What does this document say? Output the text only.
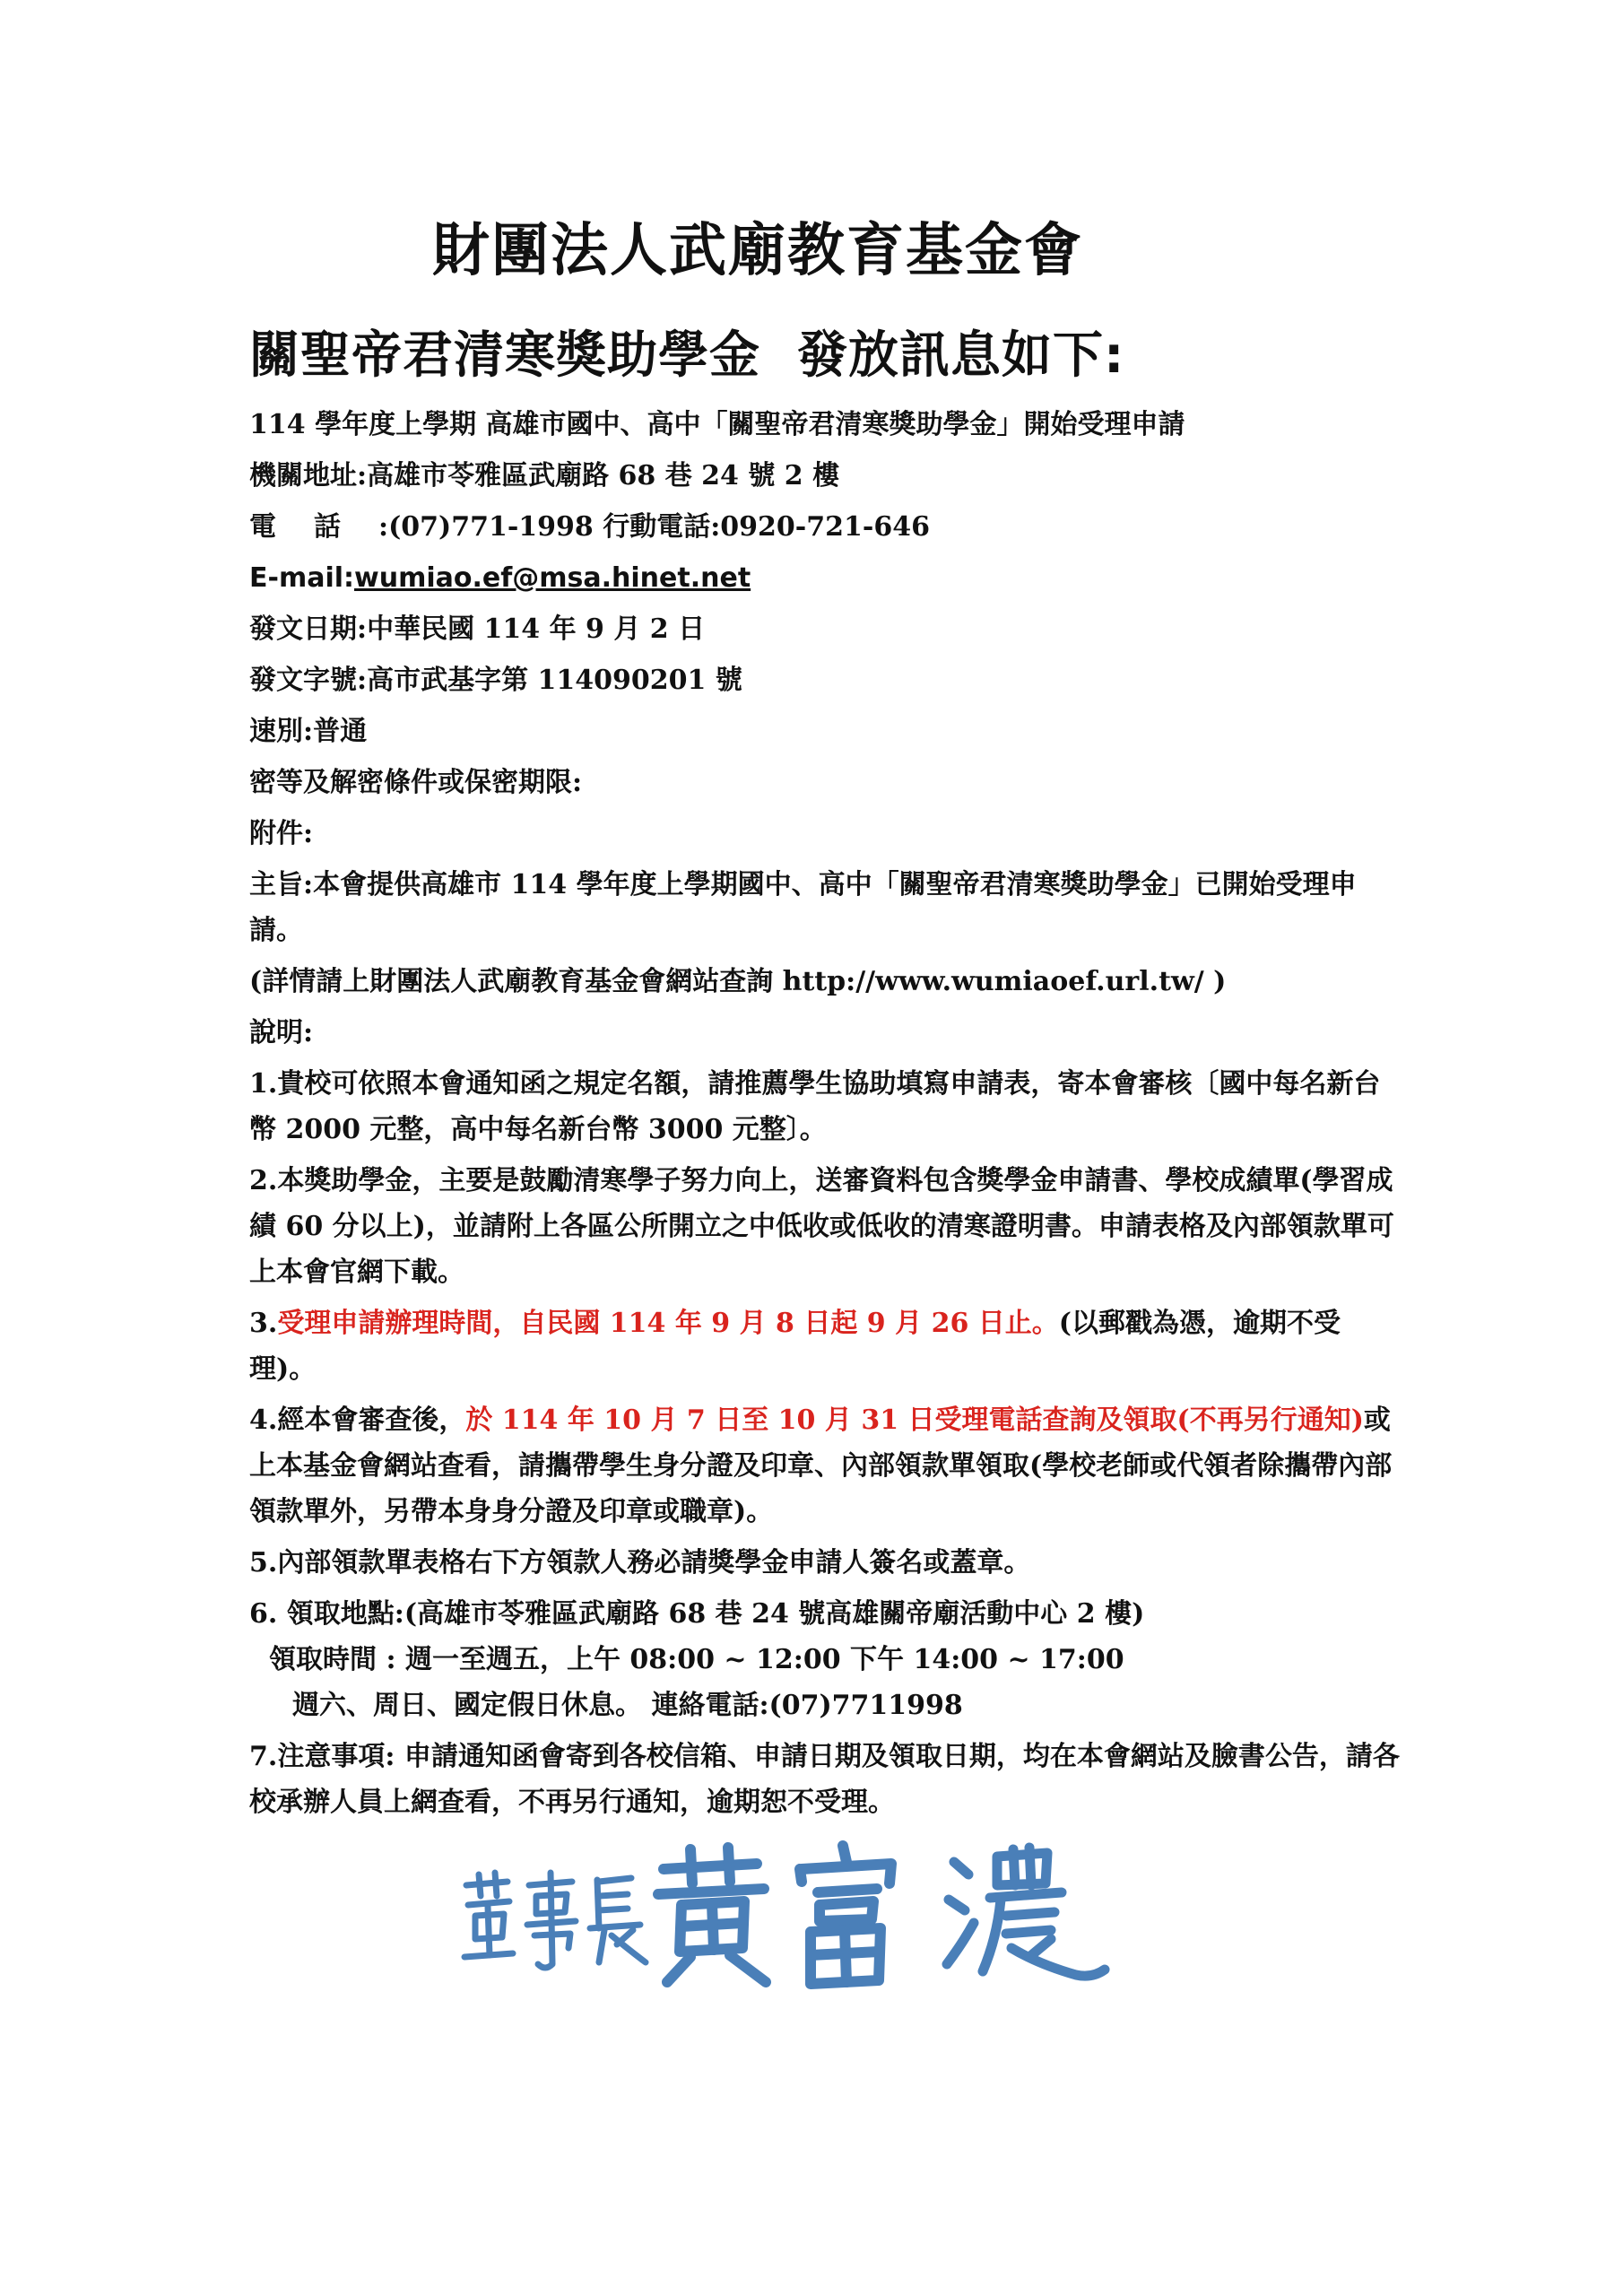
財團法人武廟教育基金會
關聖帝君清寒獎助學金  發放訊息如下:
114 學年度上學期 高雄市國中、高中「關聖帝君清寒獎助學金」開始受理申請
機關地址:高雄市苓雅區武廟路 68 巷 24 號 2 樓
電話:(07)771-1998 行動電話:0920-721-646
E-mail:wumiao.ef@msa.hinet.net
發文日期:中華民國 114 年 9 月 2 日
發文字號:高市武基字第 114090201 號
速別:普通
密等及解密條件或保密期限:
附件:
主旨:本會提供高雄市 114 學年度上學期國中、高中「關聖帝君清寒獎助學金」已開始受理申請。
(詳情請上財團法人武廟教育基金會網站查詢 http://www.wumiaoef.url.tw/ )
說明:
1.貴校可依照本會通知函之規定名額，請推薦學生協助填寫申請表，寄本會審核〔國中每名新台幣 2000 元整，高中每名新台幣 3000 元整〕。
2.本獎助學金，主要是鼓勵清寒學子努力向上，送審資料包含獎學金申請書、學校成績單(學習成績 60 分以上)，並請附上各區公所開立之中低收或低收的清寒證明書。申請表格及內部領款單可上本會官網下載。
3.受理申請辦理時間，自民國 114 年 9 月 8 日起 9 月 26 日止。(以郵戳為憑，逾期不受理)。
4.經本會審查後，於 114 年 10 月 7 日至 10 月 31 日受理電話查詢及領取(不再另行通知)或上本基金會網站查看，請攜帶學生身分證及印章、內部領款單領取(學校老師或代領者除攜帶內部領款單外，另帶本身身分證及印章或職章)。
5.內部領款單表格右下方領款人務必請獎學金申請人簽名或蓋章。
6. 領取地點:(高雄市苓雅區武廟路 68 巷 24 號高雄關帝廟活動中心 2 樓)
領取時間 : 週一至週五，上午 08:00 ~ 12:00 下午 14:00 ~ 17:00
週六、周日、國定假日休息。 連絡電話:(07)7711998
7.注意事項: 申請通知函會寄到各校信箱、申請日期及領取日期，均在本會網站及臉書公告，請各校承辦人員上網查看，不再另行通知，逾期恕不受理。
